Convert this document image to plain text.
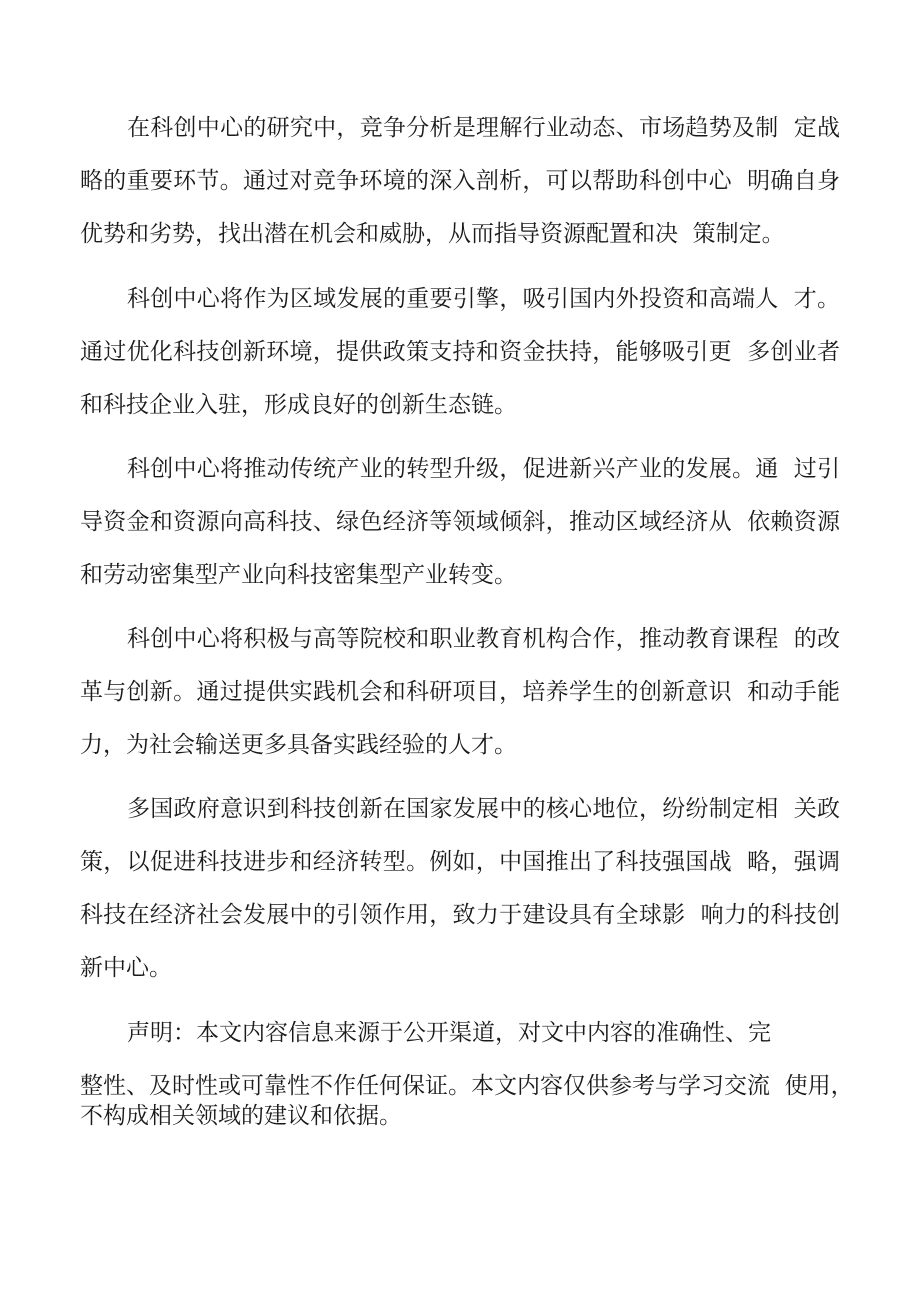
在科创中心的研究中，竞争分析是理解行业动态、市场趋势及制  定战
略的重要环节。通过对竞争环境的深入剖析，可以帮助科创中心  明确自身
优势和劣势，找出潜在机会和威胁，从而指导资源配置和决  策制定。
科创中心将作为区域发展的重要引擎，吸引国内外投资和高端人  才。
通过优化科技创新环境，提供政策支持和资金扶持，能够吸引更  多创业者
和科技企业入驻，形成良好的创新生态链。
科创中心将推动传统产业的转型升级，促进新兴产业的发展。通  过引
导资金和资源向高科技、绿色经济等领域倾斜，推动区域经济从  依赖资源
和劳动密集型产业向科技密集型产业转变。
科创中心将积极与高等院校和职业教育机构合作，推动教育课程  的改
革与创新。通过提供实践机会和科研项目，培养学生的创新意识  和动手能
力，为社会输送更多具备实践经验的人才。
多国政府意识到科技创新在国家发展中的核心地位，纷纷制定相  关政
策，以促进科技进步和经济转型。例如，中国推出了科技强国战  略，强调
科技在经济社会发展中的引领作用，致力于建设具有全球影  响力的科技创
新中心。
声明：本文内容信息来源于公开渠道，对文中内容的准确性、完
整性、及时性或可靠性不作任何保证。本文内容仅供参考与学习交流  使用，
不构成相关领域的建议和依据。
